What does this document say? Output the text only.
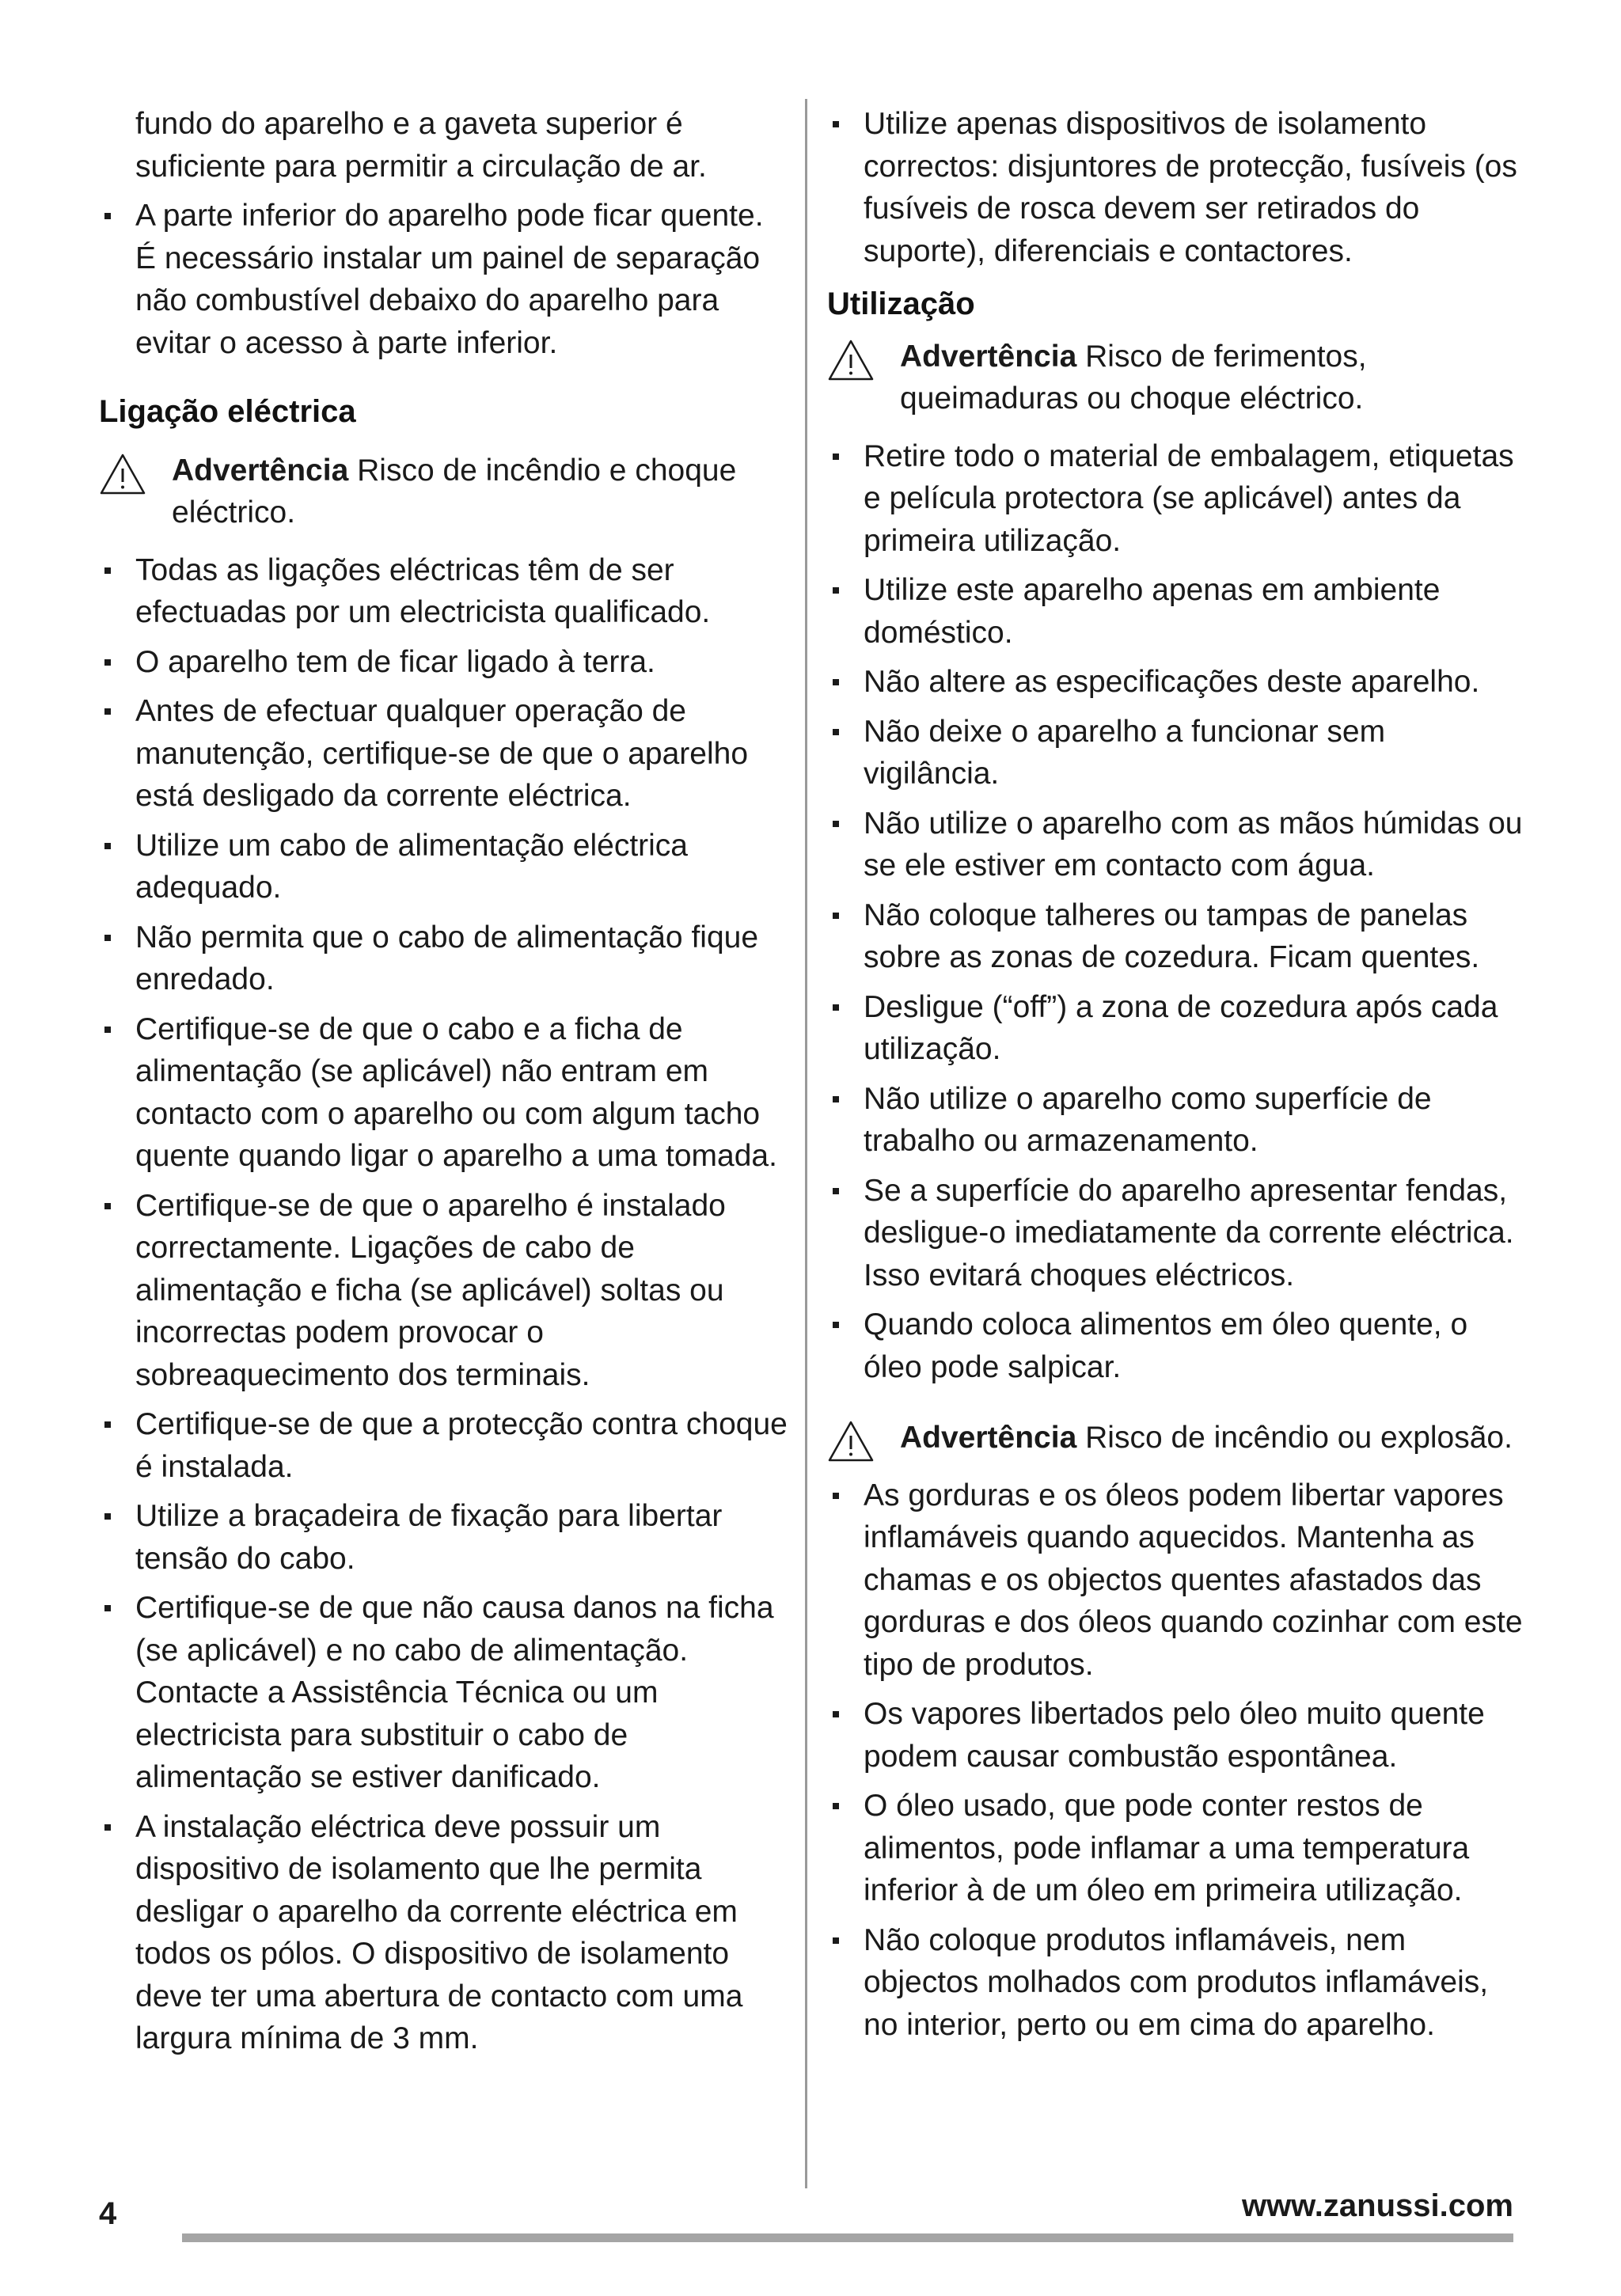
fundo do aparelho e a gaveta superior é suficiente para permitir a circulação de ar.

A parte inferior do aparelho pode ficar quente. É necessário instalar um painel de separação não combustível debaixo do aparelho para evitar o acesso à parte inferior.
Ligação eléctrica
Advertência Risco de incêndio e choque eléctrico.
Todas as ligações eléctricas têm de ser efectuadas por um electricista qualificado.
O aparelho tem de ficar ligado à terra.
Antes de efectuar qualquer operação de manutenção, certifique-se de que o aparelho está desligado da corrente eléctrica.
Utilize um cabo de alimentação eléctrica adequado.
Não permita que o cabo de alimentação fique enredado.
Certifique-se de que o cabo e a ficha de alimentação (se aplicável) não entram em contacto com o aparelho ou com algum tacho quente quando ligar o aparelho a uma tomada.
Certifique-se de que o aparelho é instalado correctamente. Ligações de cabo de alimentação e ficha (se aplicável) soltas ou incorrectas podem provocar o sobreaquecimento dos terminais.
Certifique-se de que a protecção contra choque é instalada.
Utilize a braçadeira de fixação para libertar tensão do cabo.
Certifique-se de que não causa danos na ficha (se aplicável) e no cabo de alimentação. Contacte a Assistência Técnica ou um electricista para substituir o cabo de alimentação se estiver danificado.
A instalação eléctrica deve possuir um dispositivo de isolamento que lhe permita desligar o aparelho da corrente eléctrica em todos os pólos. O dispositivo de isolamento deve ter uma abertura de contacto com uma largura mínima de 3 mm.
Utilize apenas dispositivos de isolamento correctos: disjuntores de protecção, fusíveis (os fusíveis de rosca devem ser retirados do suporte), diferenciais e contactores.
Utilização
Advertência Risco de ferimentos, queimaduras ou choque eléctrico.
Retire todo o material de embalagem, etiquetas e película protectora (se aplicável) antes da primeira utilização.
Utilize este aparelho apenas em ambiente doméstico.
Não altere as especificações deste aparelho.
Não deixe o aparelho a funcionar sem vigilância.
Não utilize o aparelho com as mãos húmidas ou se ele estiver em contacto com água.
Não coloque talheres ou tampas de panelas sobre as zonas de cozedura. Ficam quentes.
Desligue (“off”) a zona de cozedura após cada utilização.
Não utilize o aparelho como superfície de trabalho ou armazenamento.
Se a superfície do aparelho apresentar fendas, desligue-o imediatamente da corrente eléctrica. Isso evitará choques eléctricos.
Quando coloca alimentos em óleo quente, o óleo pode salpicar.
Advertência Risco de incêndio ou explosão.
As gorduras e os óleos podem libertar vapores inflamáveis quando aquecidos. Mantenha as chamas e os objectos quentes afastados das gorduras e dos óleos quando cozinhar com este tipo de produtos.
Os vapores libertados pelo óleo muito quente podem causar combustão espontânea.
O óleo usado, que pode conter restos de alimentos, pode inflamar a uma temperatura inferior à de um óleo em primeira utilização.
Não coloque produtos inflamáveis, nem objectos molhados com produtos inflamáveis, no interior, perto ou em cima do aparelho.
4	www.zanussi.com
